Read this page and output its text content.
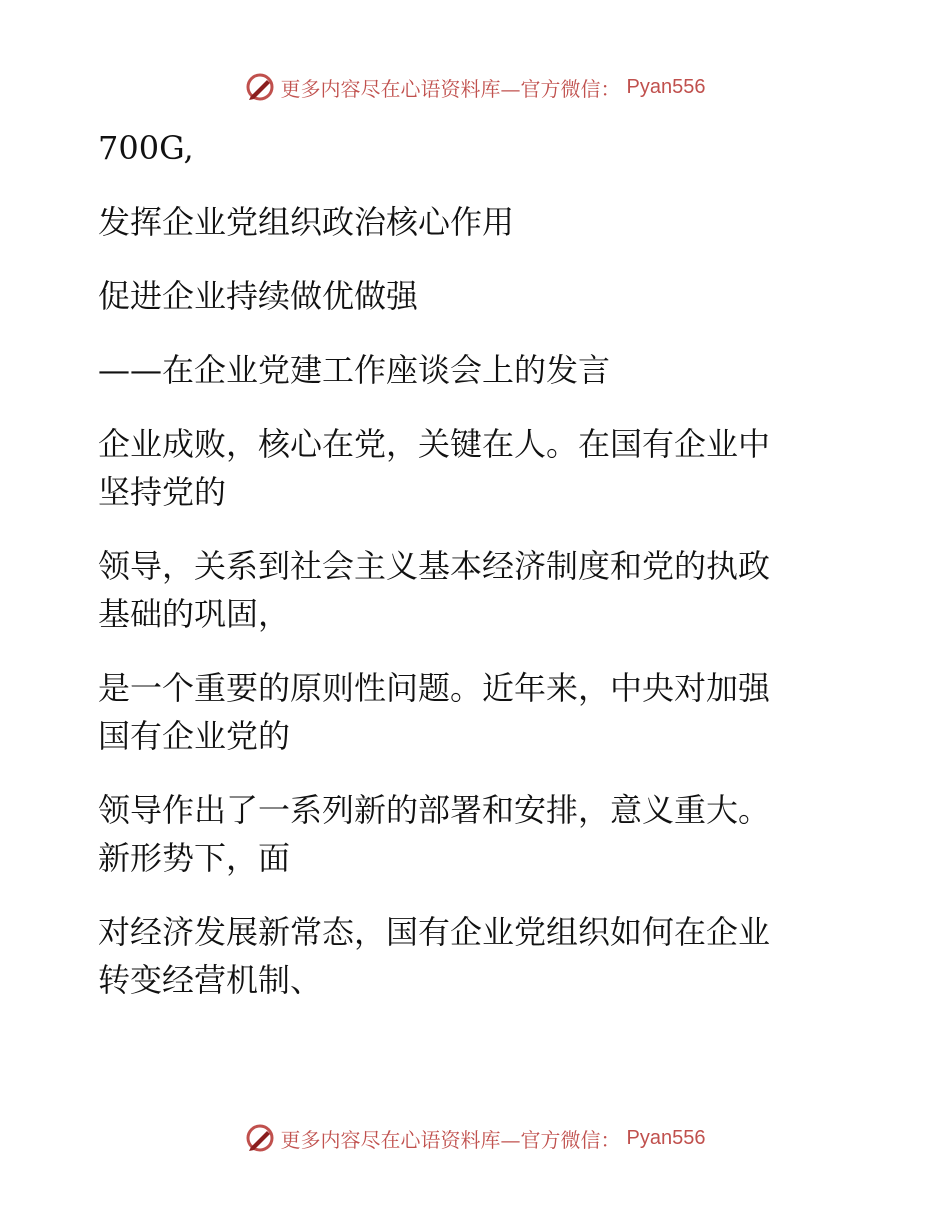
更多内容尽在心语资料库—官方微信： Pyan556
700G,
发挥企业党组织政治核心作用
促进企业持续做优做强
——在企业党建工作座谈会上的发言
企业成败，核心在党，关键在人。在国有企业中
坚持党的
领导，关系到社会主义基本经济制度和党的执政
基础的巩固，
是一个重要的原则性问题。近年来，中央对加强
国有企业党的
领导作出了一系列新的部署和安排，意义重大。
新形势下，面
对经济发展新常态，国有企业党组织如何在企业
转变经营机制、
更多内容尽在心语资料库—官方微信： Pyan556
